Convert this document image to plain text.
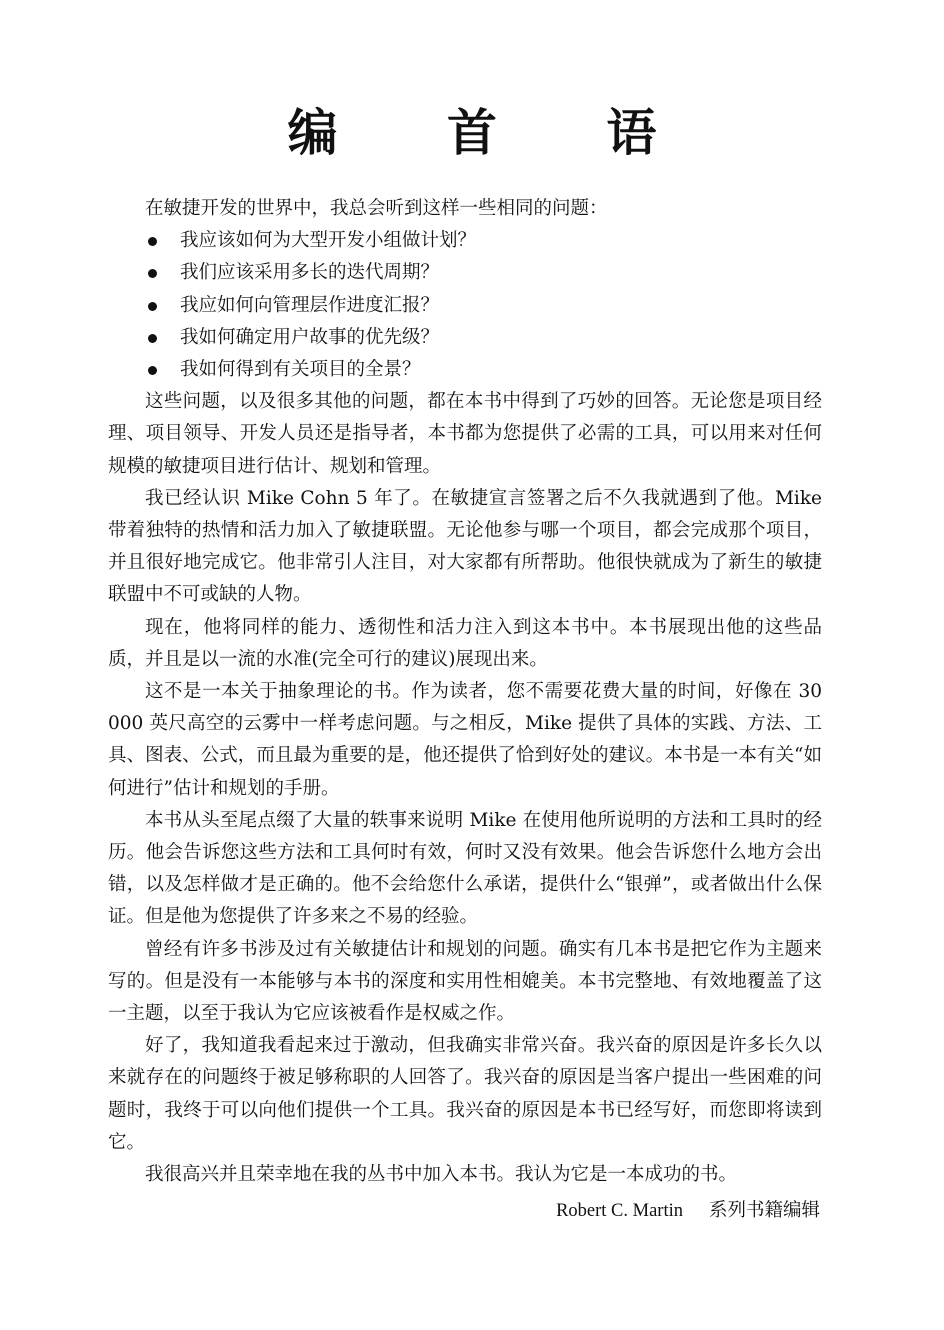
编 首 语

在敏捷开发的世界中，我总会听到这样一些相同的问题：

我应该如何为大型开发小组做计划？
我们应该采用多长的迭代周期？
我应如何向管理层作进度汇报？
我如何确定用户故事的优先级？
我如何得到有关项目的全景？

这些问题，以及很多其他的问题，都在本书中得到了巧妙的回答。无论您是项目经理、项目领导、开发人员还是指导者，本书都为您提供了必需的工具，可以用来对任何规模的敏捷项目进行估计、规划和管理。

我已经认识 Mike Cohn 5 年了。在敏捷宣言签署之后不久我就遇到了他。Mike 带着独特的热情和活力加入了敏捷联盟。无论他参与哪一个项目，都会完成那个项目，并且很好地完成它。他非常引人注目，对大家都有所帮助。他很快就成为了新生的敏捷联盟中不可或缺的人物。

现在，他将同样的能力、透彻性和活力注入到这本书中。本书展现出他的这些品质，并且是以一流的水准(完全可行的建议)展现出来。

这不是一本关于抽象理论的书。作为读者，您不需要花费大量的时间，好像在 30 000 英尺高空的云雾中一样考虑问题。与之相反，Mike 提供了具体的实践、方法、工具、图表、公式，而且最为重要的是，他还提供了恰到好处的建议。本书是一本有关“如何进行”估计和规划的手册。

本书从头至尾点缀了大量的轶事来说明 Mike 在使用他所说明的方法和工具时的经历。他会告诉您这些方法和工具何时有效，何时又没有效果。他会告诉您什么地方会出错，以及怎样做才是正确的。他不会给您什么承诺，提供什么“银弹”，或者做出什么保证。但是他为您提供了许多来之不易的经验。

曾经有许多书涉及过有关敏捷估计和规划的问题。确实有几本书是把它作为主题来写的。但是没有一本能够与本书的深度和实用性相媲美。本书完整地、有效地覆盖了这一主题，以至于我认为它应该被看作是权威之作。

好了，我知道我看起来过于激动，但我确实非常兴奋。我兴奋的原因是许多长久以来就存在的问题终于被足够称职的人回答了。我兴奋的原因是当客户提出一些困难的问题时，我终于可以向他们提供一个工具。我兴奋的原因是本书已经写好，而您即将读到它。

我很高兴并且荣幸地在我的丛书中加入本书。我认为它是一本成功的书。

Robert C. Martin 系列书籍编辑
